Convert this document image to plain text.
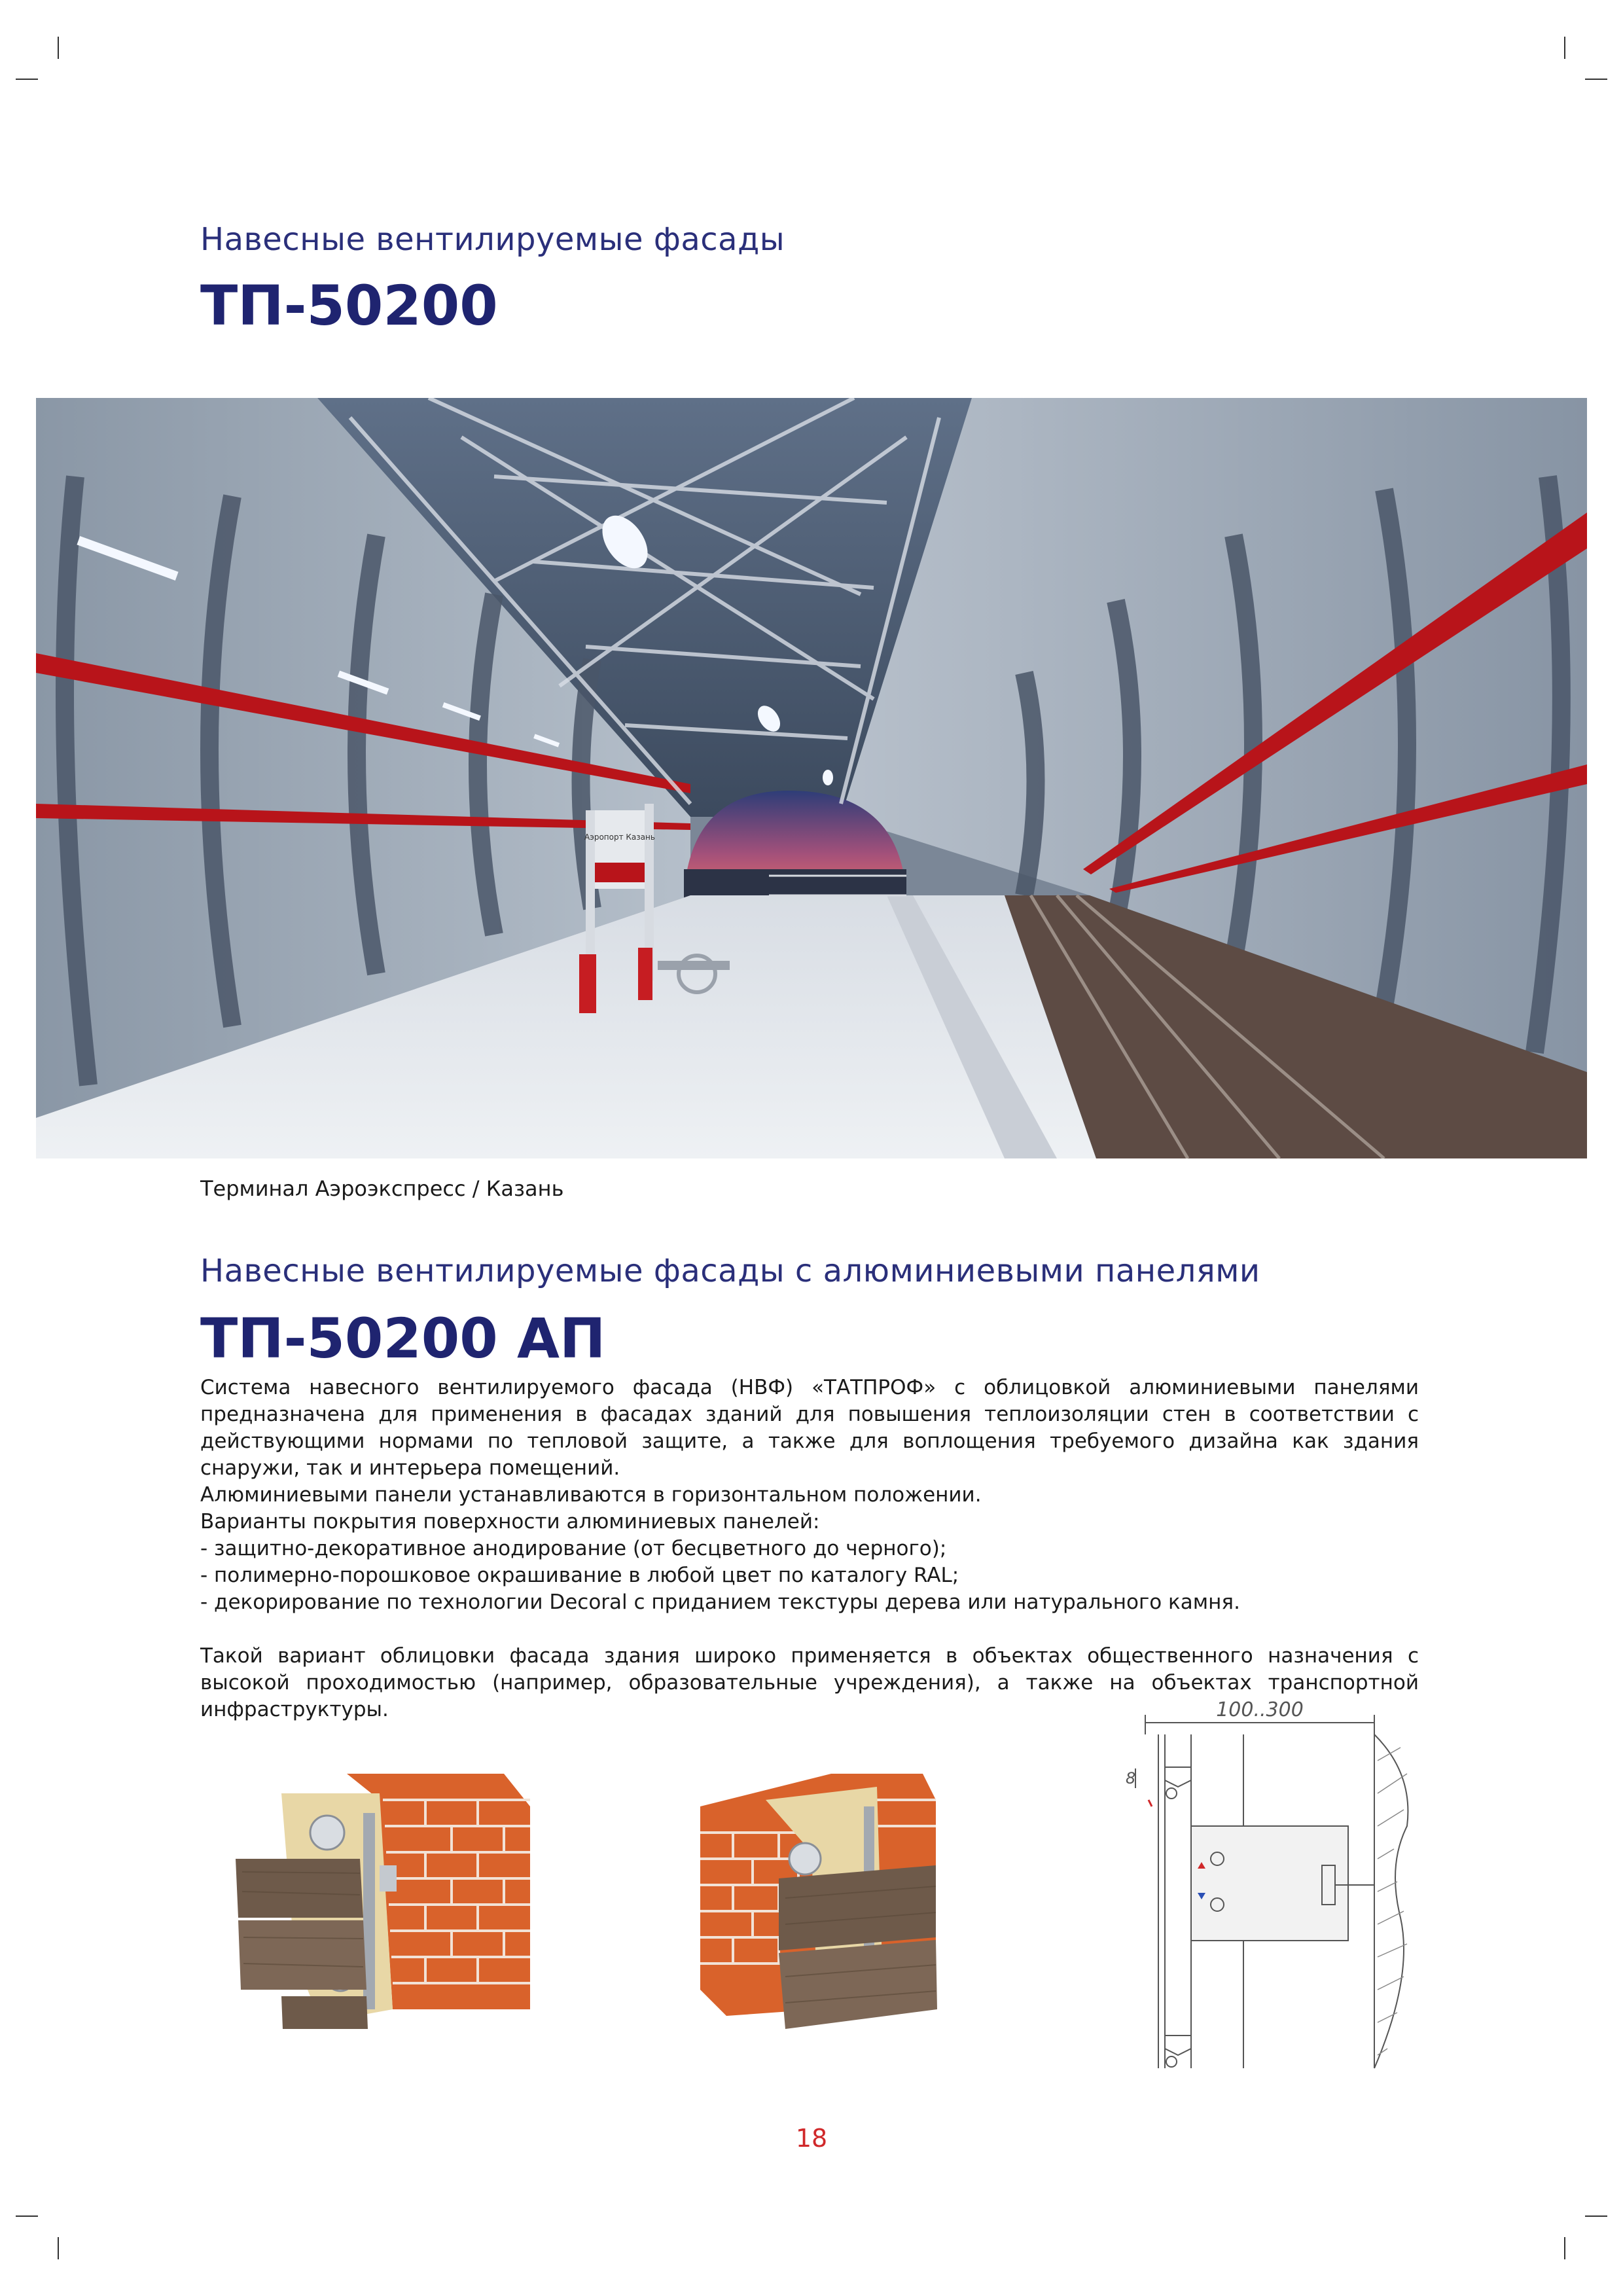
Навесные вентилируемые фасады
ТП-50200
Аэропорт Казань
Терминал Аэроэкспресс / Казань
Навесные вентилируемые фасады с алюминиевыми панелями
ТП-50200 АП

Система навесного вентилируемого фасада (НВФ) «ТАТПРОФ» с облицовкой алюминиевыми панелями предназначена для применения в фасадах зданий для повышения теплоизоляции стен в соответствии с действующими нормами по тепловой защите, а также для воплощения требуемого дизайна как здания снаружи, так и интерьера помещений.

Алюминиевыми панели устанавливаются в горизонтальном положении.
Варианты покрытия поверхности алюминиевых панелей:
- защитно-декоративное анодирование (от бесцветного до черного);
- полимерно-порошковое окрашивание в любой цвет по каталогу RAL;
- декорирование по технологии Decoral с приданием текстуры дерева или натурального камня.

Такой вариант облицовки фасада здания широко применяется в объектах общественного назначения с высокой проходимостью (например, образовательные учреждения), а также на объектах транспортной инфраструктуры.	100..300
8
18
